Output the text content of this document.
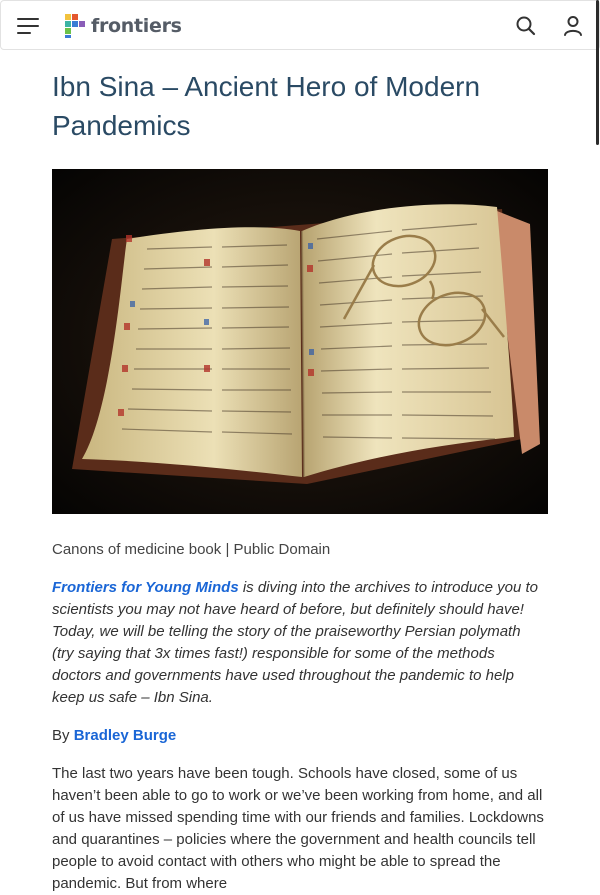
frontiers
Ibn Sina – Ancient Hero of Modern Pandemics

Canons of medicine book | Public Domain

Frontiers for Young Minds is diving into the archives to introduce you to scientists you may not have heard of before, but definitely should have! Today, we will be telling the story of the praiseworthy Persian polymath (try saying that 3x times fast!) responsible for some of the methods doctors and governments have used throughout the pandemic to help keep us safe – Ibn Sina.

By Bradley Burge

The last two years have been tough. Schools have closed, some of us haven’t been able to go to work or we’ve been working from home, and all of us have missed spending time with our friends and families. Lockdowns and quarantines – policies where the government and health councils tell people to avoid contact with others who might be able to spread the pandemic. But from where
